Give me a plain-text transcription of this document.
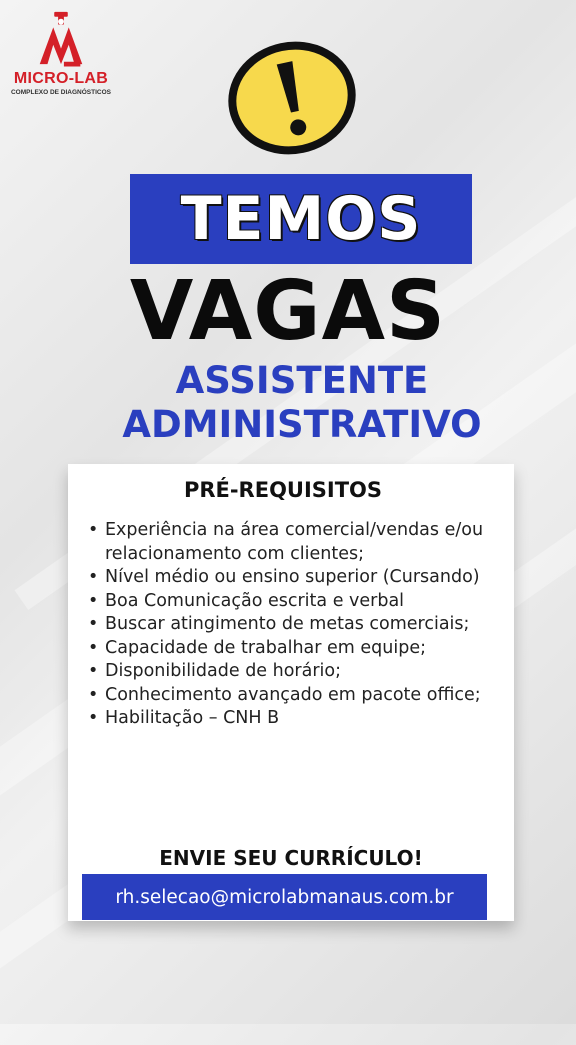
MICRO-LAB
COMPLEXO DE DIAGNÓSTICOS
TEMOS
VAGAS
ASSISTENTE
ADMINISTRATIVO
PRÉ-REQUISITOS
• Experiência na área comercial/vendas e/ou relacionamento com clientes;
• Nível médio ou ensino superior (Cursando)
• Boa Comunicação escrita e verbal
• Buscar atingimento de metas comerciais;
• Capacidade de trabalhar em equipe;
• Disponibilidade de horário;
• Conhecimento avançado em pacote office;
• Habilitação – CNH B
ENVIE SEU CURRÍCULO!
rh.selecao@microlabmanaus.com.br
